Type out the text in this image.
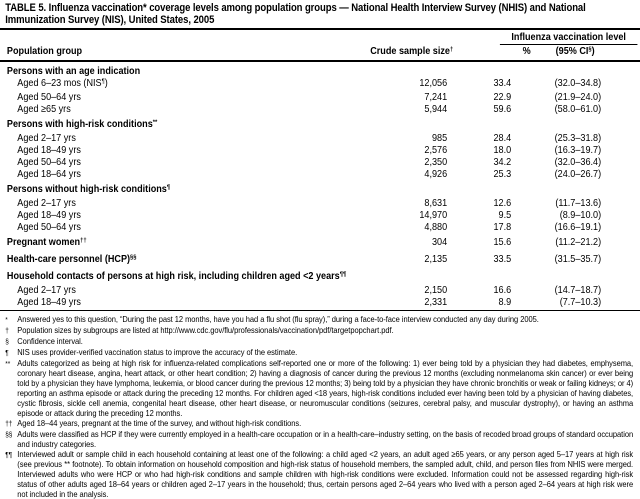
TABLE 5. Influenza vaccination* coverage levels among population groups — National Health Interview Survey (NHIS) and National Immunization Survey (NIS), United States, 2005
Influenza vaccination level
Population group	Crude sample size†	%	(95% CI§)
Persons with an age indication
Aged 6–23 mos (NIS¶)	12,056	33.4	(32.0–34.8)
Aged 50–64 yrs	7,241	22.9	(21.9–24.0)
Aged ≥65 yrs	5,944	59.6	(58.0–61.0)
Persons with high-risk conditions**
Aged 2–17 yrs	985	28.4	(25.3–31.8)
Aged 18–49 yrs	2,576	18.0	(16.3–19.7)
Aged 50–64 yrs	2,350	34.2	(32.0–36.4)
Aged 18–64 yrs	4,926	25.3	(24.0–26.7)
Persons without high-risk conditions¶
Aged 2–17 yrs	8,631	12.6	(11.7–13.6)
Aged 18–49 yrs	14,970	9.5	(8.9–10.0)
Aged 50–64 yrs	4,880	17.8	(16.6–19.1)
Pregnant women††	304	15.6	(11.2–21.2)
Health-care personnel (HCP)§§	2,135	33.5	(31.5–35.7)
Household contacts of persons at high risk, including children aged <2 years¶¶
Aged 2–17 yrs	2,150	16.6	(14.7–18.7)
Aged 18–49 yrs	2,331	8.9	(7.7–10.3)
*	Answered yes to this question, “During the past 12 months, have you had a flu shot (flu spray),” during a face-to-face interview conducted any day during 2005.
† Population sizes by subgroups are listed at http://www.cdc.gov/flu/professionals/vaccination/pdf/targetpopchart.pdf.
§ Confidence interval.
¶ NIS uses provider-verified vaccination status to improve the accuracy of the estimate.
** Adults categorized as being at high risk for influenza-related complications self-reported one or more of the following: 1) ever being told by a physician they had diabetes, emphysema, coronary heart disease, angina, heart attack, or other heart condition; 2) having a diagnosis of cancer during the previous 12 months (excluding nonmelanoma skin cancer) or ever being told by a physician they have lymphoma, leukemia, or blood cancer during the previous 12 months; 3) being told by a physician they have chronic bronchitis or weak or failing kidneys; or 4) reporting an asthma episode or attack during the preceding 12 months. For children aged <18 years, high-risk conditions included ever having been told by a physician of having diabetes, cystic fibrosis, sickle cell anemia, congenital heart disease, other heart disease, or neuromuscular conditions (seizures, cerebral palsy, and muscular dystrophy), or having an asthma episode or attack during the preceding 12 months.
†† Aged 18–44 years, pregnant at the time of the survey, and without high-risk conditions.
§§ Adults were classified as HCP if they were currently employed in a health-care occupation or in a health-care–industry setting, on the basis of recoded broad groups of standard occupation and industry categories.
¶¶ Interviewed adult or sample child in each household containing at least one of the following: a child aged <2 years, an adult aged ≥65 years, or any person aged 5–17 years at high risk (see previous ** footnote). To obtain information on household composition and high-risk status of household members, the sampled adult, child, and person files from NHIS were merged. Interviewed adults who were HCP or who had high-risk conditions and sample children with high-risk conditions were excluded. Information could not be assessed regarding high-risk status of other adults aged 18–64 years or children aged 2–17 years in the household; thus, certain persons aged 2–64 years who lived with a person aged 2–64 years at high risk were not included in the analysis.
